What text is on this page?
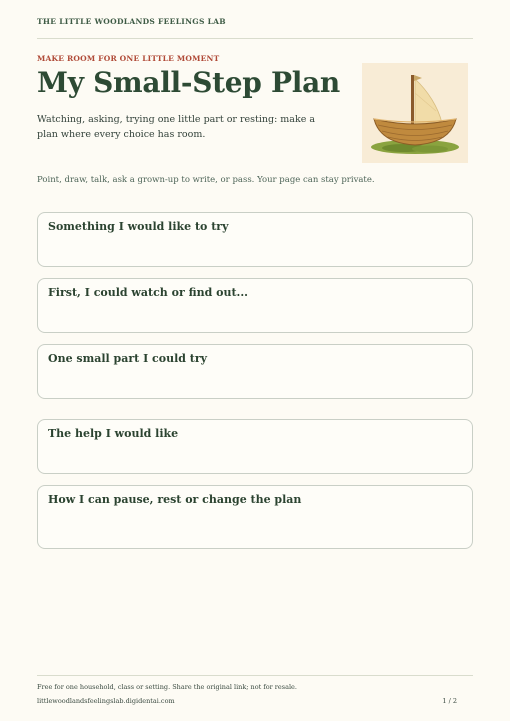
THE LITTLE WOODLANDS FEELINGS LAB
MAKE ROOM FOR ONE LITTLE MOMENT
My Small-Step Plan
Watching, asking, trying one little part or resting: make a plan where every choice has room.
Point, draw, talk, ask a grown-up to write, or pass. Your page can stay private.
Something I would like to try
First, I could watch or find out...
One small part I could try
The help I would like
How I can pause, rest or change the plan
Free for one household, class or setting. Share the original link; not for resale.
littlewoodlandsfeelingslab.digidentai.com	1 / 2
